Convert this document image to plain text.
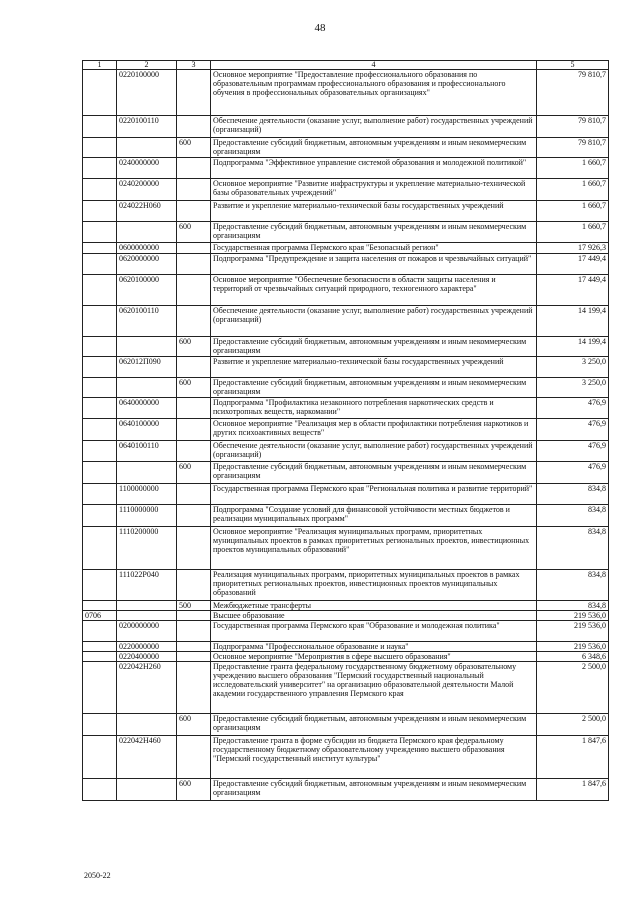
48
1	2	3	4	5
	0220100000		Основное мероприятие "Предоставление профессионального образования по образовательным программам профессионального образования и профессионального обучения в профессиональных образовательных организациях"	79 810,7
	0220100110		Обеспечение деятельности (оказание услуг, выполнение работ) государственных учреждений (организаций)	79 810,7
		600	Предоставление субсидий бюджетным, автономным учреждениям и иным некоммерческим организациям	79 810,7
	0240000000		Подпрограмма "Эффективное управление системой образования и молодежной политикой"	1 660,7
	0240200000		Основное мероприятие "Развитие инфраструктуры и укрепление материально-технической базы образовательных учреждений"	1 660,7
	024022Н060		Развитие и укрепление материально-технической базы государственных учреждений	1 660,7
		600	Предоставление субсидий бюджетным, автономным учреждениям и иным некоммерческим организациям	1 660,7
	0600000000		Государственная программа Пермского края "Безопасный регион"	17 926,3
	0620000000		Подпрограмма "Предупреждение и защита населения от пожаров и чрезвычайных ситуаций"	17 449,4
	0620100000		Основное мероприятие "Обеспечение безопасности в области защиты населения и территорий от чрезвычайных ситуаций природного, техногенного характера"	17 449,4
	0620100110		Обеспечение деятельности (оказание услуг, выполнение работ) государственных учреждений (организаций)	14 199,4
		600	Предоставление субсидий бюджетным, автономным учреждениям и иным некоммерческим организациям	14 199,4
	062012П090		Развитие и укрепление материально-технической базы государственных учреждений	3 250,0
		600	Предоставление субсидий бюджетным, автономным учреждениям и иным некоммерческим организациям	3 250,0
	0640000000		Подпрограмма "Профилактика незаконного потребления наркотических средств и психотропных веществ, наркомании"	476,9
	0640100000		Основное мероприятие "Реализация мер в области профилактики потребления наркотиков и других психоактивных веществ"	476,9
	0640100110		Обеспечение деятельности (оказание услуг, выполнение работ) государственных учреждений (организаций)	476,9
		600	Предоставление субсидий бюджетным, автономным учреждениям и иным некоммерческим организациям	476,9
	1100000000		Государственная программа Пермского края "Региональная политика и развитие территорий"	834,8
	1110000000		Подпрограмма "Создание условий для финансовой устойчивости местных бюджетов и реализации муниципальных программ"	834,8
	1110200000		Основное мероприятие "Реализация муниципальных программ, приоритетных муниципальных проектов в рамках приоритетных региональных проектов, инвестиционных проектов муниципальных образований"	834,8
	111022Р040		Реализация муниципальных программ, приоритетных муниципальных проектов в рамках приоритетных региональных проектов, инвестиционных проектов муниципальных образований	834,8
		500	Межбюджетные трансферты	834,8
0706			Высшее образование	219 536,0
	0200000000		Государственная программа Пермского края "Образование и молодежная политика"	219 536,0
	0220000000		Подпрограмма "Профессиональное образование и наука"	219 536,0
	0220400000		Основное мероприятие "Мероприятия в сфере высшего образования"	6 348,6
	022042Н260		Предоставление гранта федеральному государственному бюджетному образовательному учреждению высшего образования "Пермский государственный национальный исследовательский университет" на организацию образовательной деятельности Малой академии государственного управления Пермского края	2 500,0
		600	Предоставление субсидий бюджетным, автономным учреждениям и иным некоммерческим организациям	2 500,0
	022042Н460		Предоставление гранта в форме субсидии из бюджета Пермского края федеральному государственному бюджетному образовательному учреждению высшего образования "Пермский государственный институт культуры"	1 847,6
		600	Предоставление субсидий бюджетным, автономным учреждениям и иным некоммерческим организациям	1 847,6
2050-22
